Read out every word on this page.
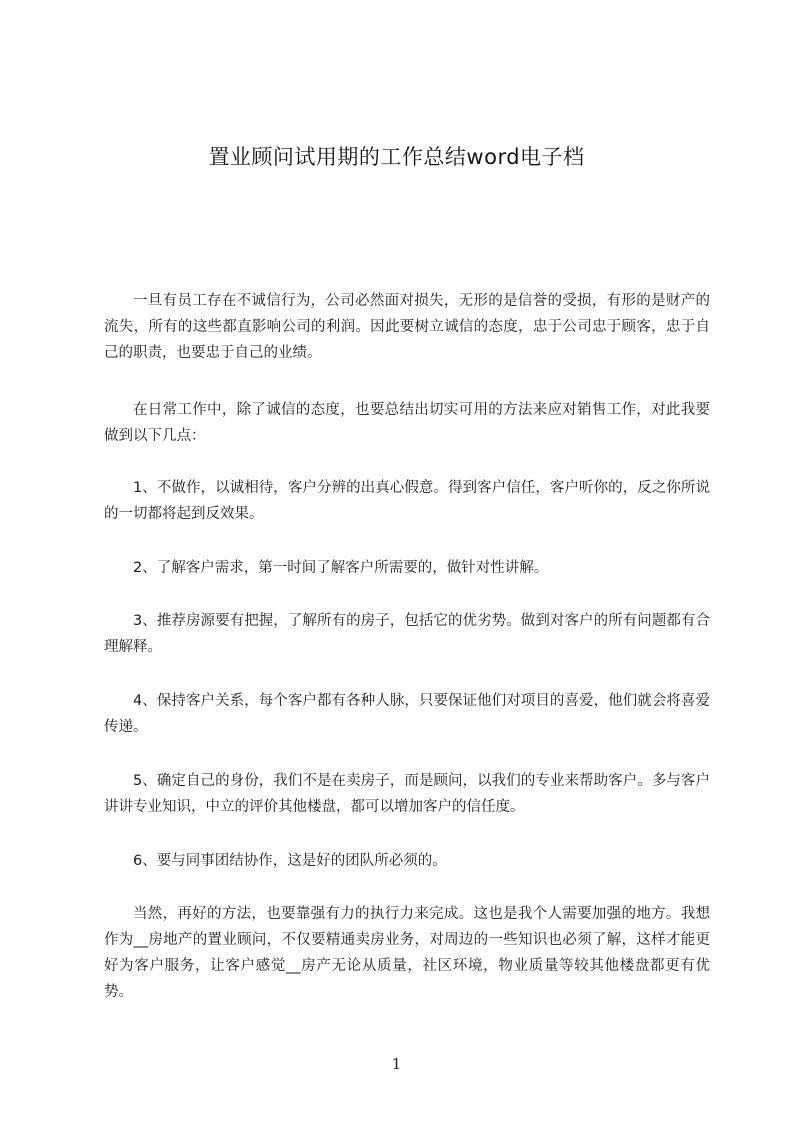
置业顾问试用期的工作总结word电子档

一旦有员工存在不诚信行为，公司必然面对损失，无形的是信誉的受损，有形的是财产的流失，所有的这些都直影响公司的利润。因此要树立诚信的态度，忠于公司忠于顾客，忠于自己的职责，也要忠于自己的业绩。

在日常工作中，除了诚信的态度，也要总结出切实可用的方法来应对销售工作，对此我要做到以下几点：

1、不做作，以诚相待，客户分辨的出真心假意。得到客户信任，客户听你的，反之你所说的一切都将起到反效果。

2、了解客户需求，第一时间了解客户所需要的，做针对性讲解。

3、推荐房源要有把握，了解所有的房子，包括它的优劣势。做到对客户的所有问题都有合理解释。

4、保持客户关系，每个客户都有各种人脉，只要保证他们对项目的喜爱，他们就会将喜爱传递。

5、确定自己的身份，我们不是在卖房子，而是顾问，以我们的专业来帮助客户。多与客户讲讲专业知识，中立的评价其他楼盘，都可以增加客户的信任度。

6、要与同事团结协作，这是好的团队所必须的。

当然，再好的方法，也要靠强有力的执行力来完成。这也是我个人需要加强的地方。我想作为__房地产的置业顾问，不仅要精通卖房业务，对周边的一些知识也必须了解，这样才能更好为客户服务，让客户感觉__房产无论从质量，社区环境，物业质量等较其他楼盘都更有优势。

1
